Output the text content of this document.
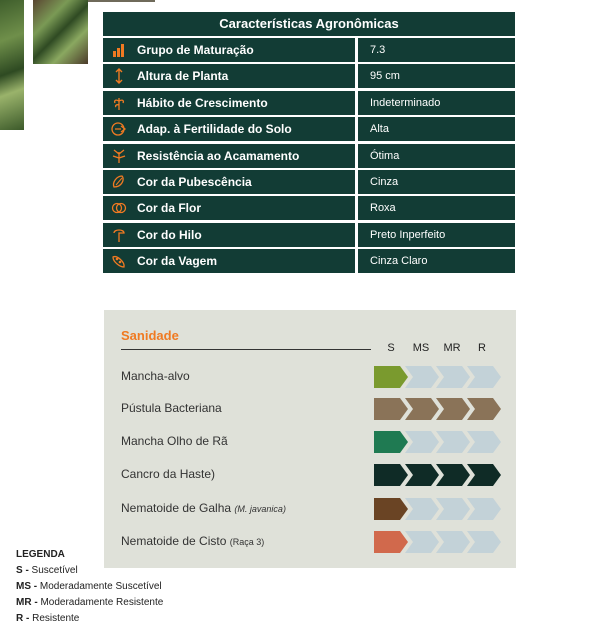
Características Agronômicas
Grupo de Maturação	7.3
Altura de Planta	95 cm
Hábito de Crescimento	Indeterminado
Adap. à Fertilidade do Solo	Alta
Resistência ao Acamamento	Ótima
Cor da Pubescência	Cinza
Cor da Flor	Roxa
Cor do Hilo	Preto Inperfeito
Cor da Vagem	Cinza Claro
Sanidade
S	MS	MR	R
Mancha-alvo
Pústula Bacteriana
Mancha Olho de Rã
Cancro da Haste)
Nematoide de Galha (M. javanica)
Nematoide de Cisto (Raça 3)
LEGENDA
S - Suscetível
MS - Moderadamente Suscetível
MR - Moderadamente Resistente
R - Resistente
